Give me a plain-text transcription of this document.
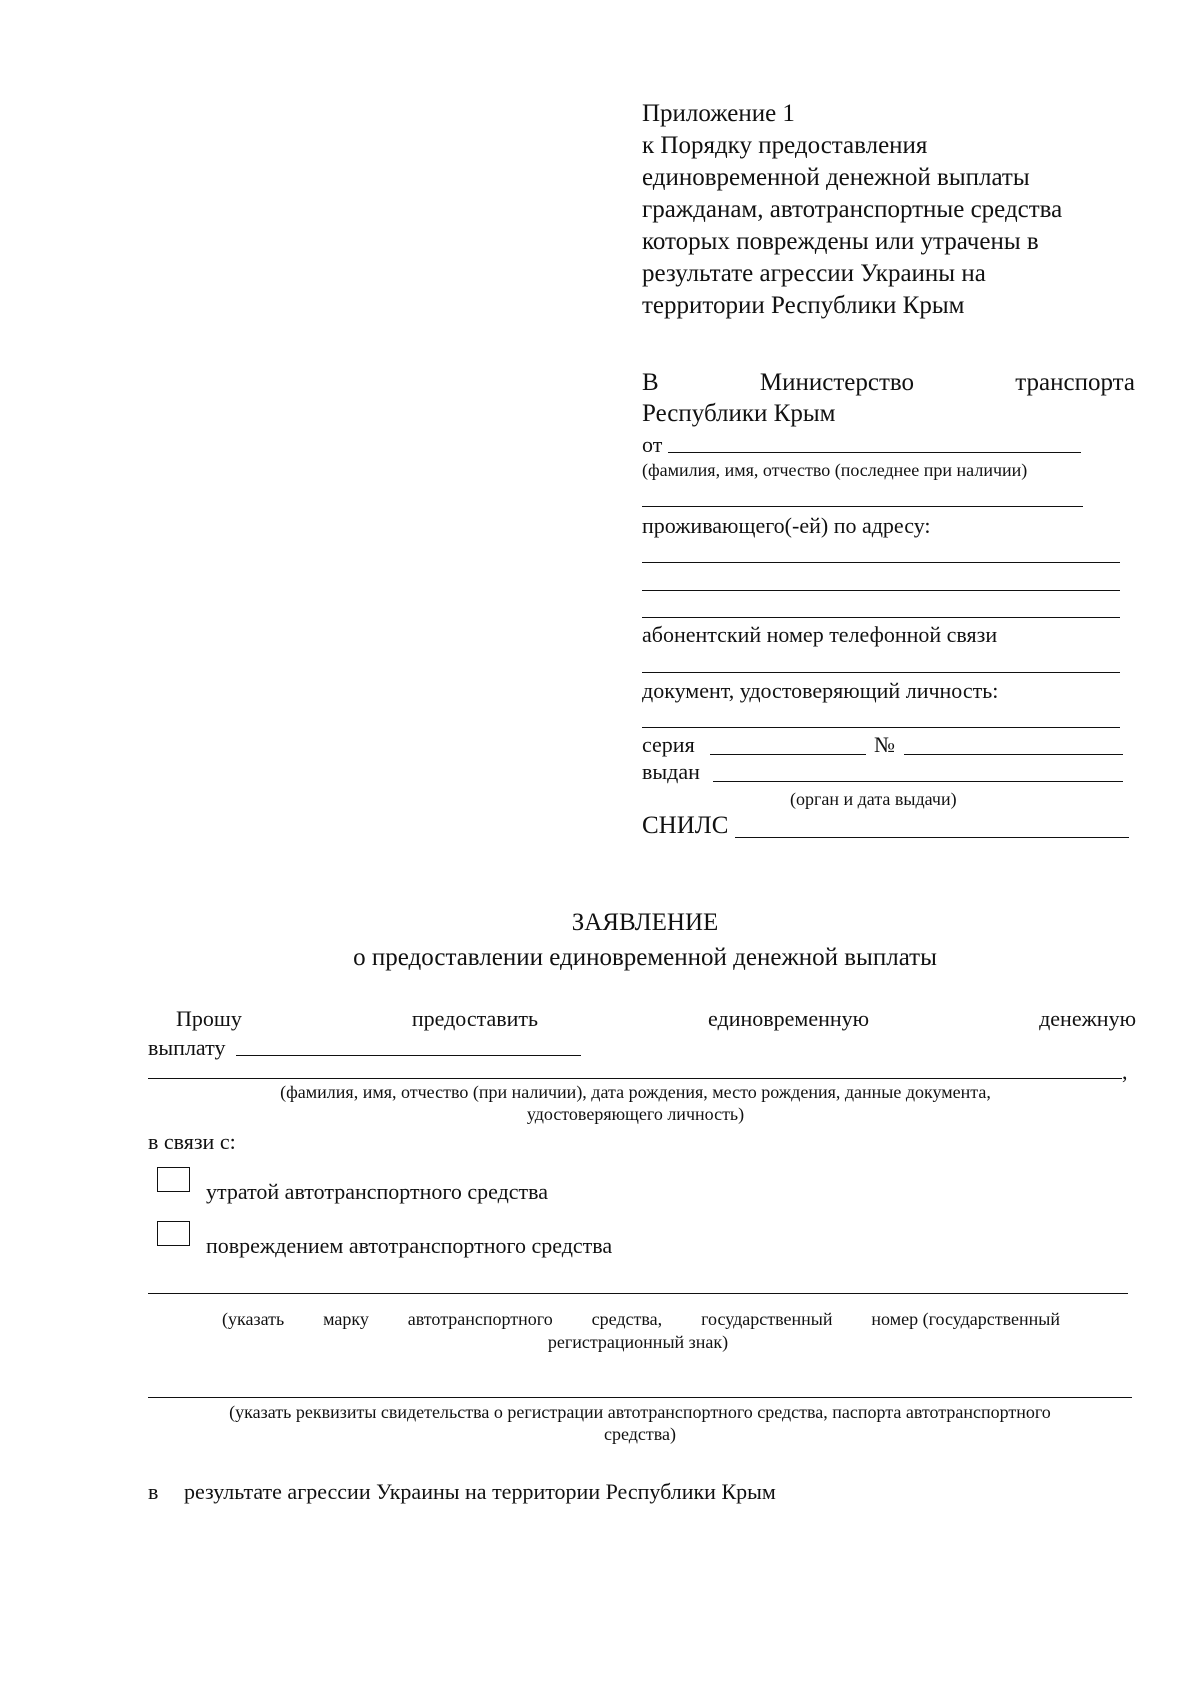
Приложение 1
к Порядку предоставления
единовременной денежной выплаты
гражданам, автотранспортные средства
которых повреждены или утрачены в
результате агрессии Украины на
территории Республики Крым
В	Министерство	транспорта
Республики Крым
от
(фамилия, имя, отчество (последнее при наличии)
проживающего(-ей) по адресу:
абонентский номер телефонной связи
документ, удостоверяющий личность:
серия	№
выдан
(орган и дата выдачи)
СНИЛС
ЗАЯВЛЕНИЕ
о предоставлении единовременной денежной выплаты
Прошу	предоставить	единовременную	денежную
выплату
,
(фамилия, имя, отчество (при наличии), дата рождения, место рождения, данные документа,
удостоверяющего личность)
в связи с:
утратой автотранспортного средства
повреждением автотранспортного средства
(указать марку автотранспортного средства, государственный номер (государственный
регистрационный знак)
(указать реквизиты свидетельства о регистрации автотранспортного средства, паспорта автотранспортного
средства)
в результате агрессии Украины на территории Республики Крым
